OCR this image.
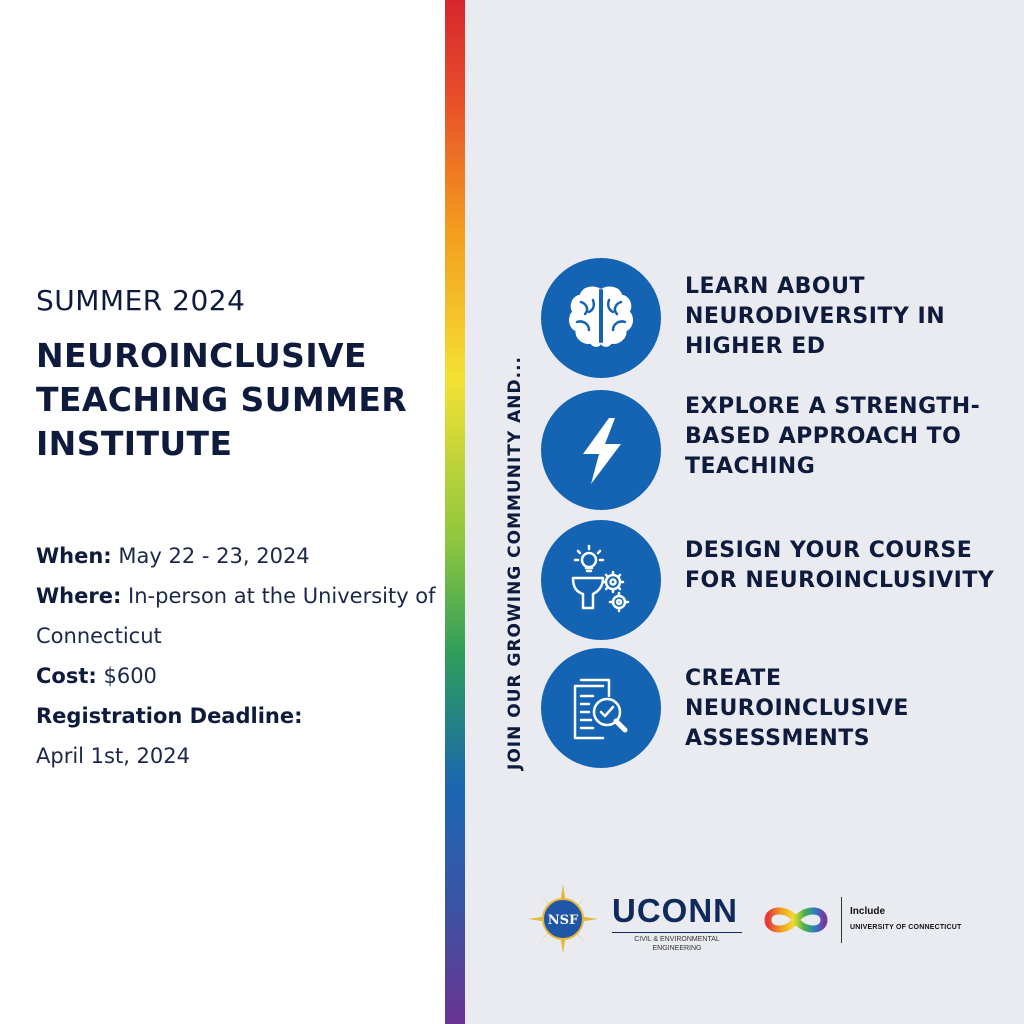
SUMMER 2024
NEUROINCLUSIVE TEACHING SUMMER INSTITUTE
When: May 22 - 23, 2024
Where: In-person at the University of Connecticut
Cost: $600
Registration Deadline:
April 1st, 2024	JOIN OUR GROWING COMMUNITY AND...
LEARN ABOUT NEURODIVERSITY IN HIGHER ED
EXPLORE A STRENGTH-BASED APPROACH TO TEACHING
DESIGN YOUR COURSE FOR NEUROINCLUSIVITY
CREATE NEUROINCLUSIVE ASSESSMENTS
NSF UCONN
CIVIL & ENVIRONMENTAL ENGINEERING
Include
UNIVERSITY OF CONNECTICUT
